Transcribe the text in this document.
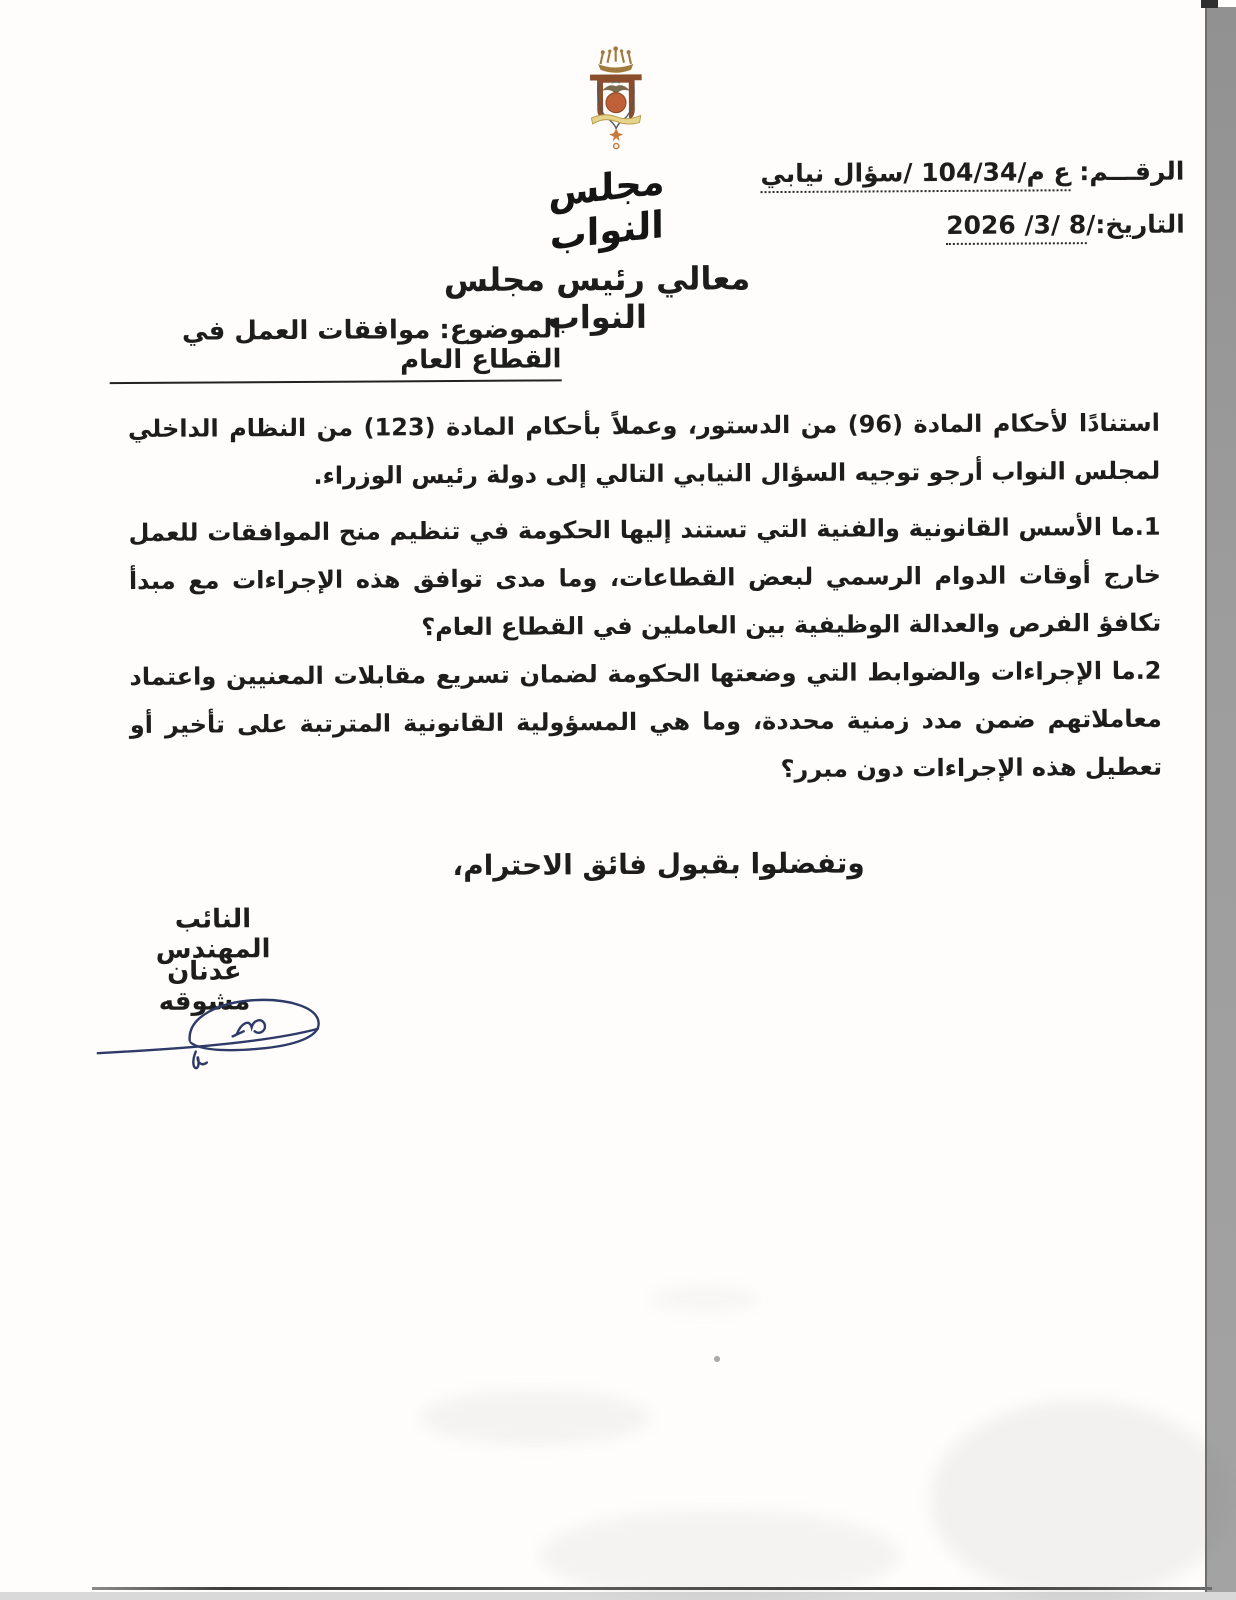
مجلس النواب
الرقـــم: ع م/104/34 /سؤال نيابي
التاريخ:/8 /3/ 2026
معالي رئيس مجلس النواب
الموضوع: موافقات العمل في القطاع العام
استنادًا لأحكام المادة (96) من الدستور، وعملاً بأحكام المادة (123) من النظام الداخلي لمجلس النواب أرجو توجيه السؤال النيابي التالي إلى دولة رئيس الوزراء.
1.ما الأسس القانونية والفنية التي تستند إليها الحكومة في تنظيم منح الموافقات للعمل خارج أوقات الدوام الرسمي لبعض القطاعات، وما مدى توافق هذه الإجراءات مع مبدأ تكافؤ الفرص والعدالة الوظيفية بين العاملين في القطاع العام؟
2.ما الإجراءات والضوابط التي وضعتها الحكومة لضمان تسريع مقابلات المعنيين واعتماد معاملاتهم ضمن مدد زمنية محددة، وما هي المسؤولية القانونية المترتبة على تأخير أو تعطيل هذه الإجراءات دون مبرر؟
وتفضلوا بقبول فائق الاحترام،
النائب المهندس
عدنان مشوقه
